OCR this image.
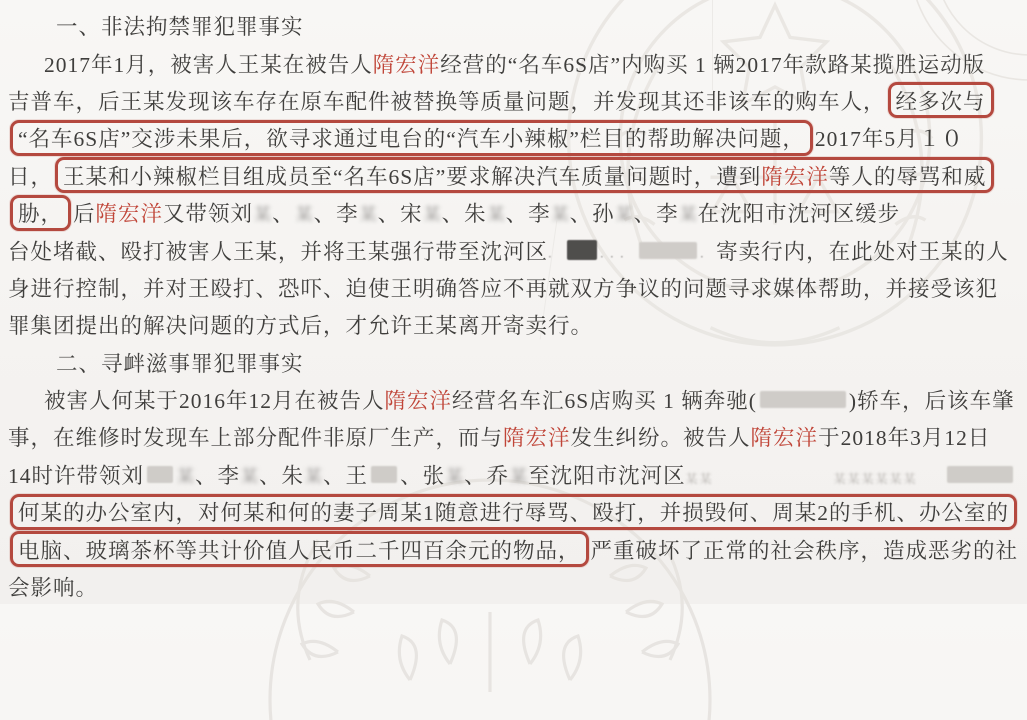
一、非法拘禁罪犯罪事实
2017年1月，被害人王某在被告人 隋宏洋 经营的“名车6S店”内购买 1 辆2017年款路某揽胜运动版
吉普车，后王某发现该车存在原车配件被替换等质量问题，并发现其还非该车的购车人， 经多次与
“名车6S店”交涉未果后，欲寻求通过电台的“汽车小辣椒”栏目的帮助解决问题， 2017年5月１０
日， 王某和小辣椒栏目组成员至“名车6S店”要求解决汽车质量问题时，遭到 隋宏洋 等人的辱骂和威
胁， 后 隋宏洋 又带领刘 某 、 某 、李 某 、宋 某 、朱 某 、李 某 、孙 某 、李 某 在沈阳市沈河区缓步
台处堵截、殴打被害人王某，并将王某强行带至沈河区 ．	．．．	． 寄卖行内，在此处对王某的人
身进行控制，并对王殴打、恐吓、迫使王明确答应不再就双方争议的问题寻求媒体帮助，并接受该犯
罪集团提出的解决问题的方式后，才允许王某离开寄卖行。
二、寻衅滋事罪犯罪事实
被害人何某于2016年12月在被告人 隋宏洋 经营名车汇6S店购买 1 辆奔驰(	)轿车，后该车肇
事，在维修时发现车上部分配件非原厂生产，而与 隋宏洋 发生纠纷。被告人 隋宏洋 于2018年3月12日
14时许带领刘 某 、李 某 、朱 某 、王 、张 某 、乔 某 至沈阳市沈河区 某某	某某某某某某
何某的办公室内，对何某和何的妻子周某1随意进行辱骂、殴打，并损毁何、周某2的手机、办公室的
电脑、玻璃茶杯等共计价值人民币二千四百余元的物品， 严重破坏了正常的社会秩序，造成恶劣的社
会影响。
